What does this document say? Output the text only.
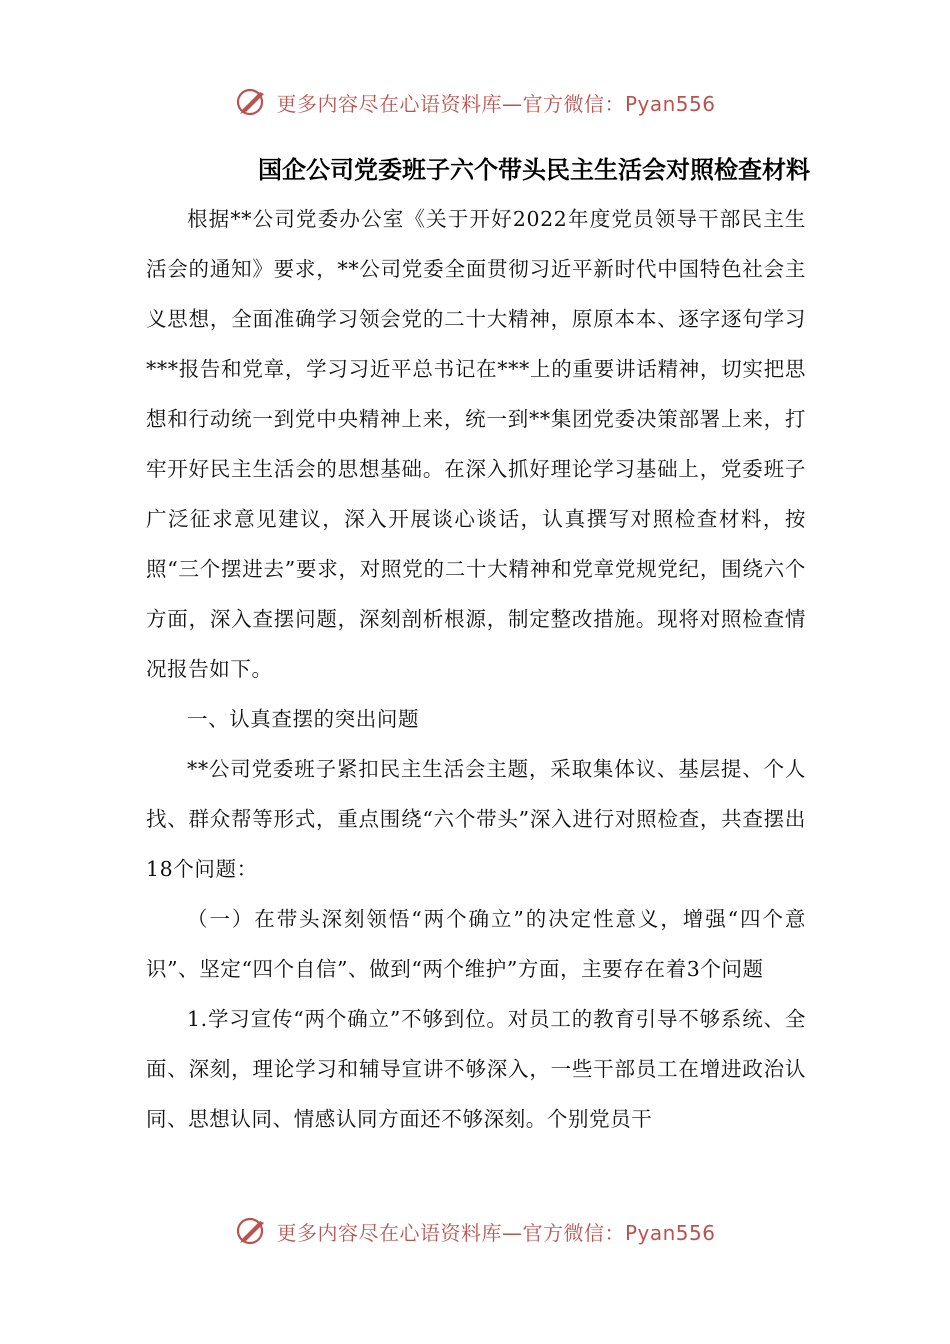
更多内容尽在心语资料库—官方微信：Pyan556
国企公司党委班子六个带头民主生活会对照检查材料

根据**公司党委办公室《关于开好2022年度党员领导干部民主生活会的通知》要求，**公司党委全面贯彻习近平新时代中国特色社会主义思想，全面准确学习领会党的二十大精神，原原本本、逐字逐句学习***报告和党章，学习习近平总书记在***上的重要讲话精神，切实把思想和行动统一到党中央精神上来，统一到**集团党委决策部署上来，打牢开好民主生活会的思想基础。在深入抓好理论学习基础上，党委班子广泛征求意见建议，深入开展谈心谈话，认真撰写对照检查材料，按照“三个摆进去”要求，对照党的二十大精神和党章党规党纪，围绕六个方面，深入查摆问题，深刻剖析根源，制定整改措施。现将对照检查情况报告如下。

一、认真查摆的突出问题

**公司党委班子紧扣民主生活会主题，采取集体议、基层提、个人找、群众帮等形式，重点围绕“六个带头”深入进行对照检查，共查摆出18个问题：

（一）在带头深刻领悟“两个确立”的决定性意义，增强“四个意识”、坚定“四个自信”、做到“两个维护”方面，主要存在着3个问题

1.学习宣传“两个确立”不够到位。对员工的教育引导不够系统、全面、深刻，理论学习和辅导宣讲不够深入，一些干部员工在增进政治认同、思想认同、情感认同方面还不够深刻。个别党员干

更多内容尽在心语资料库—官方微信：Pyan556
